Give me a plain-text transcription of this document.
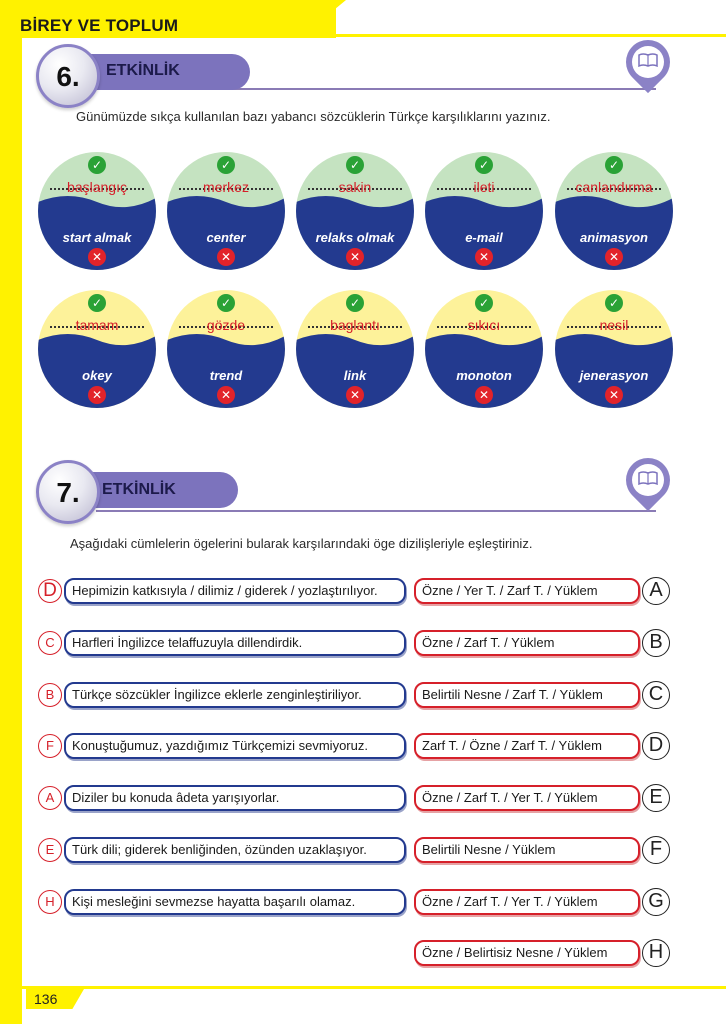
BİREY VE TOPLUM
136
ETKİNLİK
6.
Günümüzde sıkça kullanılan bazı yabancı sözcüklerin Türkçe karşılıklarını yazınız.
✓
başlangıç
start almak
✕
✓
merkez
center
✕
✓
sakin
relaks olmak
✕
✓
ileti
e-mail
✕
✓
canlandırma
animasyon
✕
✓
tamam
okey
✕
✓
gözde
trend
✕
✓
baglantı
link
✕
✓
sıkıcı
monoton
✕
✓
nesil
jenerasyon
✕
ETKİNLİK
7.
Aşağıdaki cümlelerin ögelerini bularak karşılarındaki öge dizilişleriyle eşleştiriniz.
D	Hepimizin katkısıyla / dilimiz / giderek / yozlaştırılıyor.
C	Harfleri İngilizce telaffuzuyla dillendirdik.
B	Türkçe sözcükler İngilizce eklerle zenginleştiriliyor.
F	Konuştuğumuz, yazdığımız Türkçemizi sevmiyoruz.
A	Diziler bu konuda âdeta yarışıyorlar.
E	Türk dili; giderek benliğinden, özünden uzaklaşıyor.
H	Kişi mesleğini sevmezse hayatta başarılı olamaz.
Özne / Yer T. / Zarf T. / Yüklem	A
Özne / Zarf T. / Yüklem	B
Belirtili Nesne / Zarf T. / Yüklem	C
Zarf T. / Özne / Zarf T. / Yüklem	D
Özne / Zarf T. / Yer T. / Yüklem	E
Belirtili Nesne / Yüklem	F
Özne / Zarf T. / Yer T. / Yüklem	G
Özne / Belirtisiz Nesne / Yüklem	H
